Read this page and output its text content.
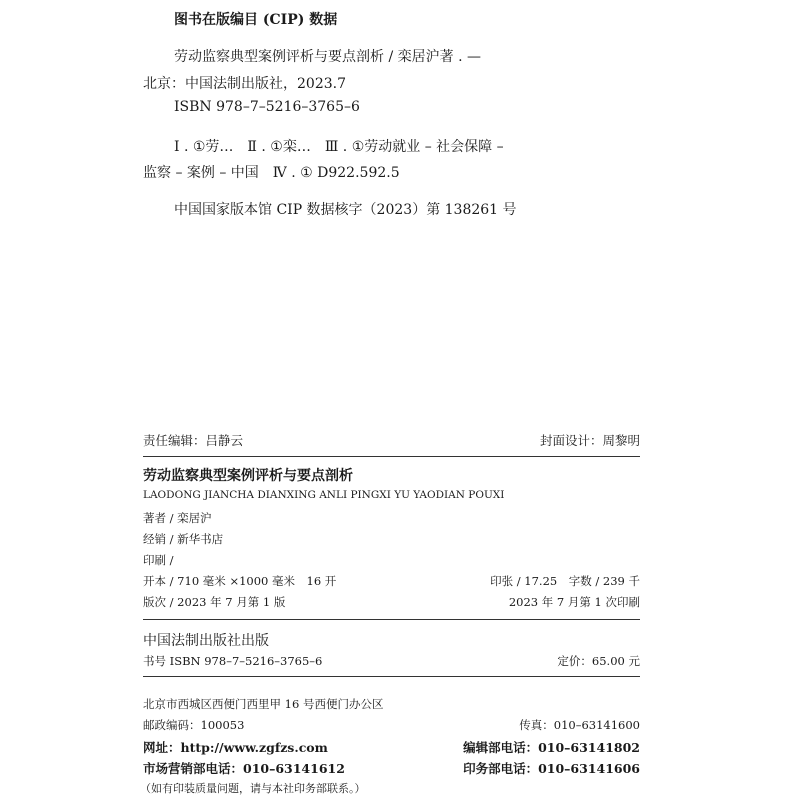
图书在版编目 (CIP) 数据
劳动监察典型案例评析与要点剖析 / 栾居沪著 . —
北京：中国法制出版社，2023.7
ISBN 978–7–5216–3765–6
Ⅰ . ①劳…　Ⅱ . ①栾…　Ⅲ . ①劳动就业 – 社会保障 –
监察 – 案例 – 中国　Ⅳ . ① D922.592.5
中国国家版本馆 CIP 数据核字（2023）第 138261 号
责任编辑：吕静云	封面设计：周黎明
劳动监察典型案例评析与要点剖析
LAODONG JIANCHA DIANXING ANLI PINGXI YU YAODIAN POUXI
著者 / 栾居沪
经销 / 新华书店
印刷 /
开本 / 710 毫米 ×1000 毫米　16 开	印张 / 17.25　字数 / 239 千
版次 / 2023 年 7 月第 1 版	2023 年 7 月第 1 次印刷
中国法制出版社出版
书号 ISBN 978–7–5216–3765–6	定价：65.00 元
北京市西城区西便门西里甲 16 号西便门办公区
邮政编码：100053	传真：010–63141600
网址：http://www.zgfzs.com	编辑部电话：010–63141802
市场营销部电话：010–63141612	印务部电话：010–63141606
（如有印装质量问题，请与本社印务部联系。）
